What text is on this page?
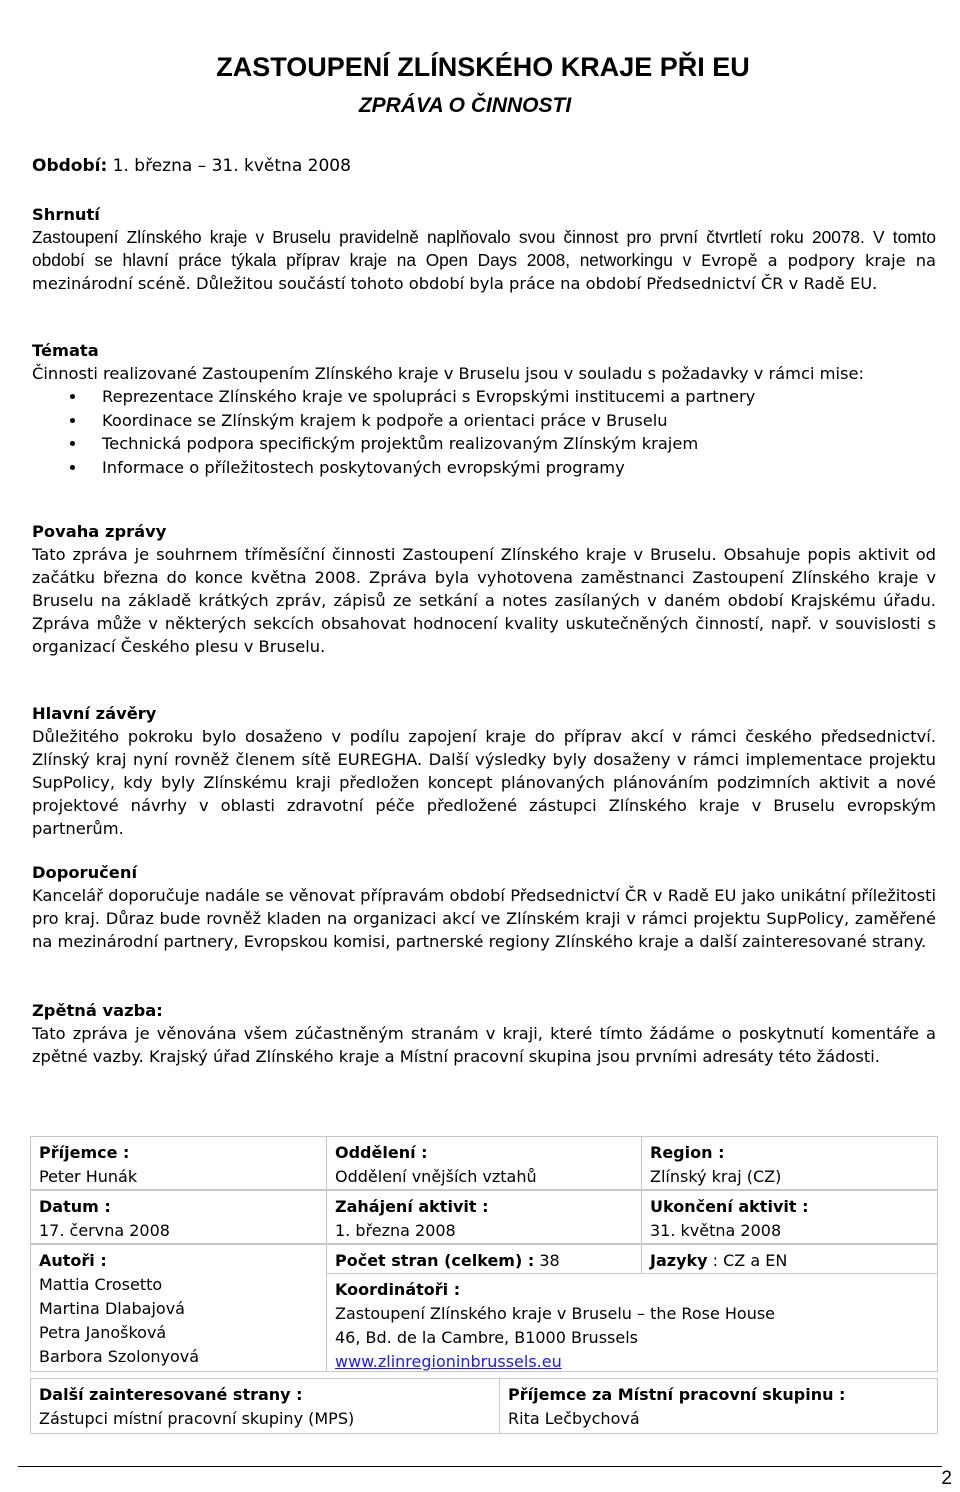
ZASTOUPENÍ ZLÍNSKÉHO KRAJE PŘI EU
ZPRÁVA O ČINNOSTI
Období: 1. března – 31. května 2008
Shrnutí
Zastoupení Zlínského kraje v Bruselu pravidelně naplňovalo svou činnost pro první čtvrtletí roku 20078. V tomto období se hlavní práce týkala příprav kraje na Open Days 2008, networkingu v Evropě a podpory kraje na mezinárodní scéně. Důležitou součástí tohoto období byla práce na období Předsednictví ČR v Radě EU.
Témata
Činnosti realizované Zastoupením Zlínského kraje v Bruselu jsou v souladu s požadavky v rámci mise:
Reprezentace Zlínského kraje ve spolupráci s Evropskými institucemi a partnery
Koordinace se Zlínským krajem k podpoře a orientaci práce v Bruselu
Technická podpora specifickým projektům realizovaným Zlínským krajem
Informace o příležitostech poskytovaných evropskými programy
Povaha zprávy
Tato zpráva je souhrnem tříměsíční činnosti Zastoupení Zlínského kraje v Bruselu. Obsahuje popis aktivit od začátku března do konce května 2008. Zpráva byla vyhotovena zaměstnanci Zastoupení Zlínského kraje v Bruselu na základě krátkých zpráv, zápisů ze setkání a notes zasílaných v daném období Krajskému úřadu. Zpráva může v některých sekcích obsahovat hodnocení kvality uskutečněných činností, např. v souvislosti s organizací Českého plesu v Bruselu.
Hlavní závěry
Důležitého pokroku bylo dosaženo v podílu zapojení kraje do příprav akcí v rámci českého předsednictví. Zlínský kraj nyní rovněž členem sítě EUREGHA. Další výsledky byly dosaženy v rámci implementace projektu SupPolicy, kdy byly Zlínskému kraji předložen koncept plánovaných plánováním podzimních aktivit a nové projektové návrhy v oblasti zdravotní péče předložené zástupci Zlínského kraje v Bruselu evropským partnerům.
Doporučení
Kancelář doporučuje nadále se věnovat přípravám období Předsednictví ČR v Radě EU jako unikátní příležitosti pro kraj. Důraz bude rovněž kladen na organizaci akcí ve Zlínském kraji v rámci projektu SupPolicy, zaměřené na mezinárodní partnery, Evropskou komisi, partnerské regiony Zlínského kraje a další zainteresované strany.
Zpětná vazba:
Tato zpráva je věnována všem zúčastněným stranám v kraji, které tímto žádáme o poskytnutí komentáře a zpětné vazby. Krajský úřad Zlínského kraje a Místní pracovní skupina jsou prvními adresáty této žádosti.
Příjemce :
Peter Hunák
Oddělení :
Oddělení vnějších vztahů
Region :
Zlínský kraj (CZ)
Datum :
17. června 2008
Zahájení aktivit :
1. března 2008
Ukončení aktivit :
31. května 2008
Autoři :
Mattia Crosetto
Martina Dlabajová
Petra Janošková
Barbora Szolonyová
Počet stran (celkem) : 38	Jazyky : CZ a EN
Koordinátoři :
Zastoupení Zlínského kraje v Bruselu – the Rose House
46, Bd. de la Cambre, B1000 Brussels
www.zlinregioninbrussels.eu
Další zainteresované strany :
Zástupci místní pracovní skupiny (MPS)
Příjemce za Místní pracovní skupinu :
Rita Lečbychová
2
